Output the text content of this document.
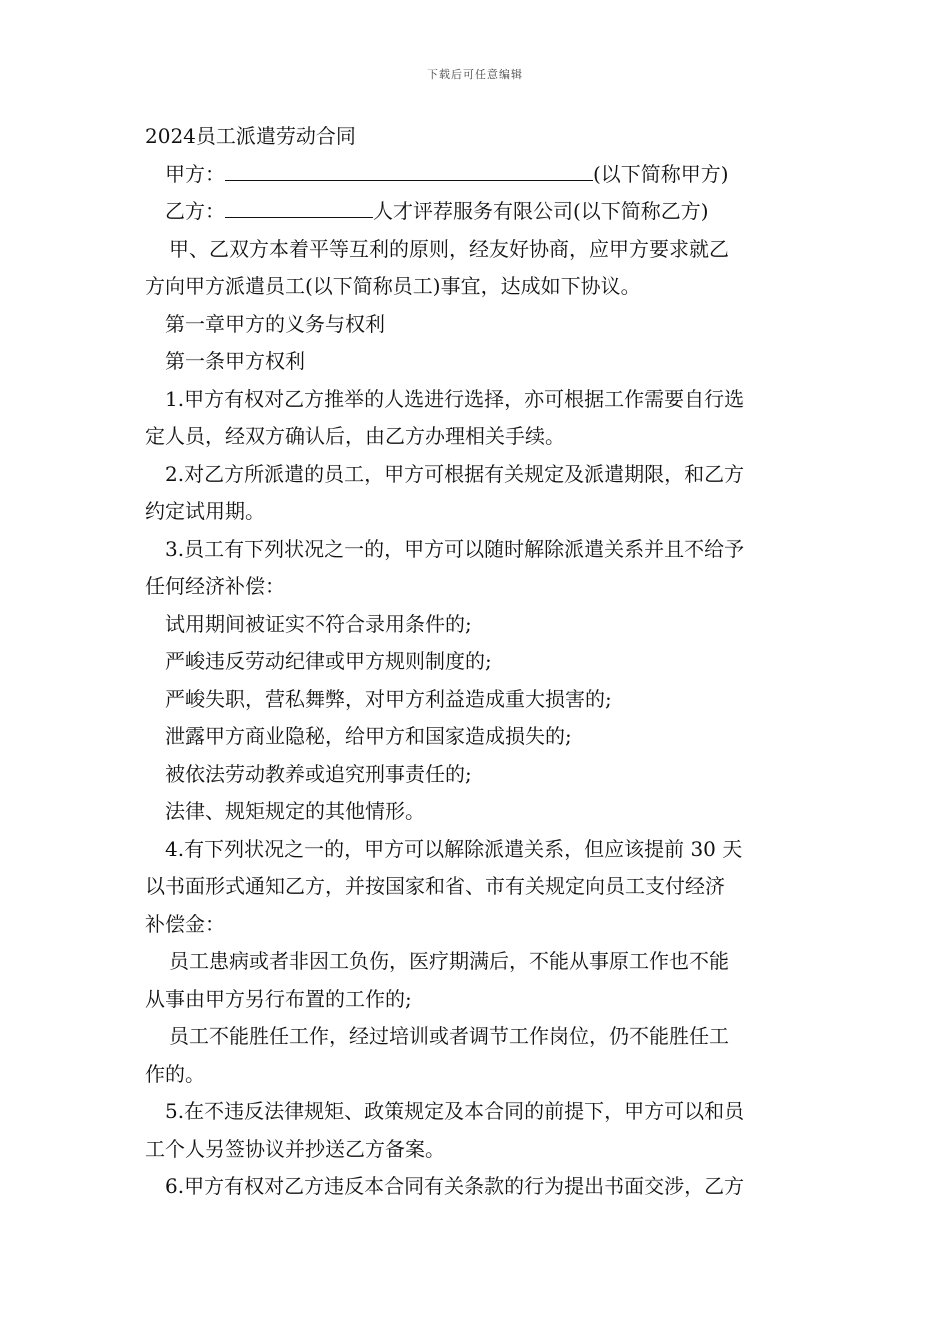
下载后可任意编辑
2024员工派遣劳动合同
甲方：	(以下简称甲方)
乙方：	人才评荐服务有限公司(以下简称乙方)
甲、乙双方本着平等互利的原则，经友好协商，应甲方要求就乙
方向甲方派遣员工(以下简称员工)事宜，达成如下协议。
第一章甲方的义务与权利
第一条甲方权利
1.甲方有权对乙方推举的人选进行选择，亦可根据工作需要自行选
定人员，经双方确认后，由乙方办理相关手续。
2.对乙方所派遣的员工，甲方可根据有关规定及派遣期限，和乙方
约定试用期。
3.员工有下列状况之一的，甲方可以随时解除派遣关系并且不给予
任何经济补偿：
试用期间被证实不符合录用条件的;
严峻违反劳动纪律或甲方规则制度的;
严峻失职，营私舞弊，对甲方利益造成重大损害的;
泄露甲方商业隐秘，给甲方和国家造成损失的;
被依法劳动教养或追究刑事责任的;
法律、规矩规定的其他情形。
4.有下列状况之一的，甲方可以解除派遣关系，但应该提前 30 天
以书面形式通知乙方，并按国家和省、市有关规定向员工支付经济
补偿金：
员工患病或者非因工负伤，医疗期满后，不能从事原工作也不能
从事由甲方另行布置的工作的;
员工不能胜任工作，经过培训或者调节工作岗位，仍不能胜任工
作的。
5.在不违反法律规矩、政策规定及本合同的前提下，甲方可以和员
工个人另签协议并抄送乙方备案。
6.甲方有权对乙方违反本合同有关条款的行为提出书面交涉，乙方
